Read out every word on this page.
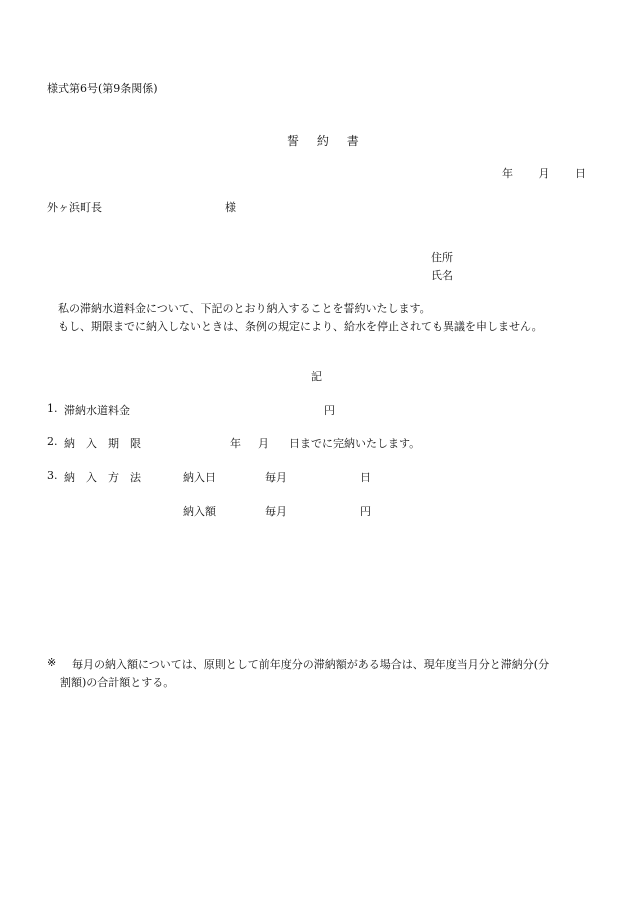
様式第6号(第9条関係)
誓 約 書
年 月 日
外ヶ浜町長	様
住所
氏名
私の滞納水道料金について、下記のとおり納入することを誓約いたします。
もし、期限までに納入しないときは、条例の規定により、給水を停止されても異議を申しません。
記
1. 滞納水道料金	円
2. 納　入　期　限	年 月 日までに完納いたします。
3. 納　入　方　法	納入日	毎月	日
納入額	毎月	円
※ 毎月の納入額については、原則として前年度分の滞納額がある場合は、現年度当月分と滞納分(分
割額)の合計額とする。
